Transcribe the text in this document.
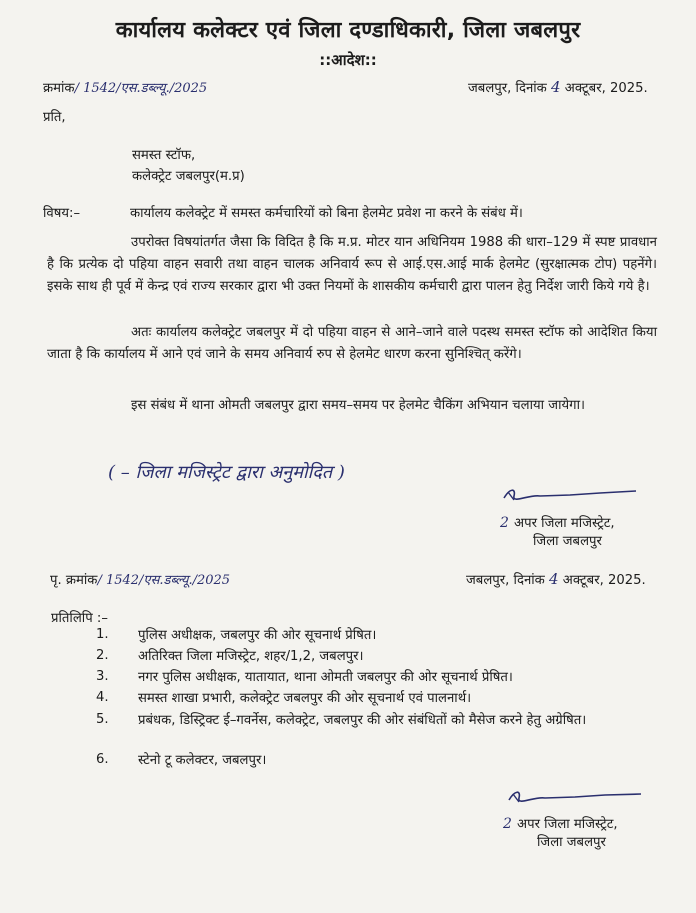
कार्यालय कलेक्टर एवं जिला दण्डाधिकारी, जिला जबलपुर
::आदेश::
क्रमांक/ 1542/एस.डब्ल्यू./2025	जबलपुर, दिनांक 4 अक्टूबर, 2025.
प्रति,
समस्त स्टॉफ,
कलेक्ट्रेट जबलपुर(म.प्र)
विषय:–	कार्यालय कलेक्ट्रेट में समस्त कर्मचारियों को बिना हेलमेट प्रवेश ना करने के संबंध में।
उपरोक्त विषयांतर्गत जैसा कि विदित है कि म.प्र. मोटर यान अधिनियम 1988 की धारा–129 में स्पष्ट प्रावधान है कि प्रत्येक दो पहिया वाहन सवारी तथा वाहन चालक अनिवार्य रूप से आई.एस.आई मार्क हेलमेट (सुरक्षात्मक टोप) पहनेंगे। इसके साथ ही पूर्व में केन्द्र एवं राज्य सरकार द्वारा भी उक्त नियमों के शासकीय कर्मचारी द्वारा पालन हेतु निर्देश जारी किये गये है।
अतः कार्यालय कलेक्ट्रेट जबलपुर में दो पहिया वाहन से आने–जाने वाले पदस्थ समस्त स्टॉफ को आदेशित किया जाता है कि कार्यालय में आने एवं जाने के समय अनिवार्य रुप से हेलमेट धारण करना सुनिश्चित् करेंगे।
इस संबंध में थाना ओमती जबलपुर द्वारा समय–समय पर हेलमेट चैकिंग अभियान चलाया जायेगा।
( – जिला मजिस्ट्रेट द्वारा अनुमोदित )
2 अपर जिला मजिस्ट्रेट,
जिला जबलपुर
पृ. क्रमांक/ 1542/एस.डब्ल्यू./2025	जबलपुर, दिनांक 4 अक्टूबर, 2025.
प्रतिलिपि :–
1. पुलिस अधीक्षक, जबलपुर की ओर सूचनार्थ प्रेषित।
2. अतिरिक्त जिला मजिस्ट्रेट, शहर/1,2, जबलपुर।
3. नगर पुलिस अधीक्षक, यातायात, थाना ओमती जबलपुर की ओर सूचनार्थ प्रेषित।
4. समस्त शाखा प्रभारी, कलेक्ट्रेट जबलपुर की ओर सूचनार्थ एवं पालनार्थ।
5. प्रबंधक, डिस्ट्रिक्ट ई–गवर्नेस, कलेक्ट्रेट, जबलपुर की ओर संबंधितों को मैसेज करने हेतु अग्रेषित।
6. स्टेनो टू कलेक्टर, जबलपुर।
2 अपर जिला मजिस्ट्रेट,
जिला जबलपुर
